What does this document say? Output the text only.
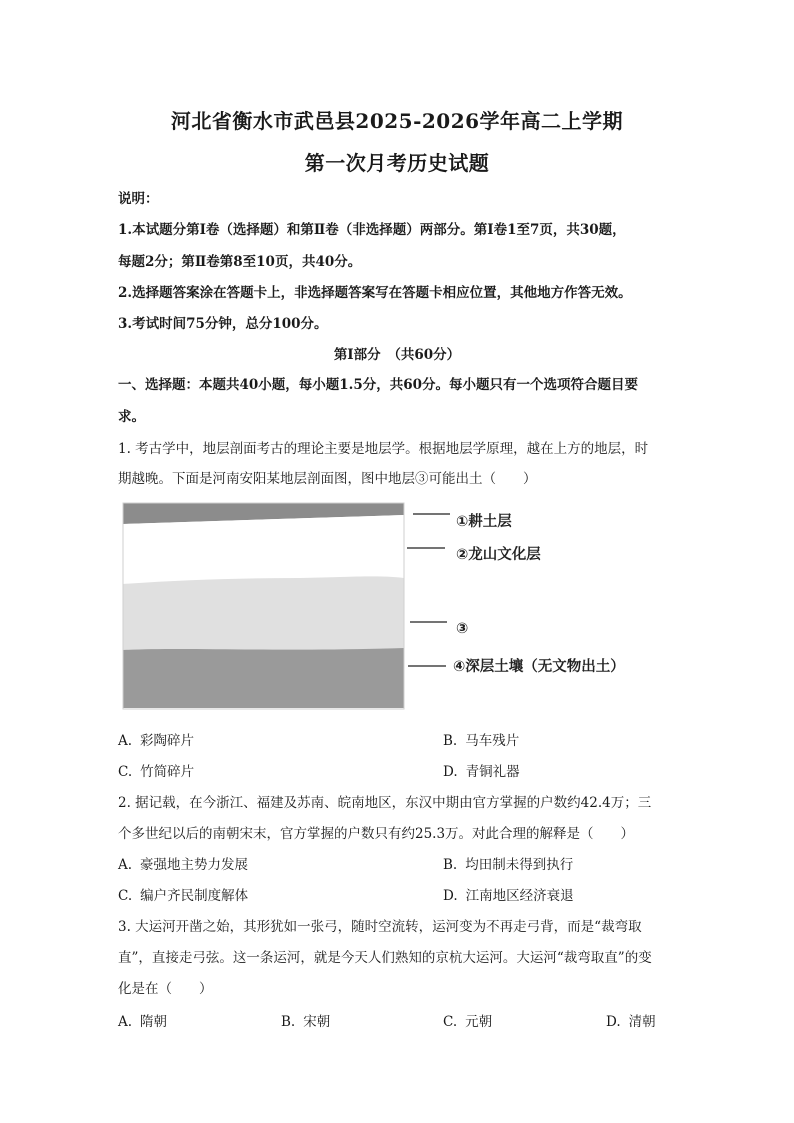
河北省衡水市武邑县2025-2026学年高二上学期
第一次月考历史试题
说明：
1.本试题分第Ⅰ卷（选择题）和第Ⅱ卷（非选择题）两部分。第Ⅰ卷1至7页，共30题，
每题2分；第Ⅱ卷第8至10页，共40分。
2.选择题答案涂在答题卡上，非选择题答案写在答题卡相应位置，其他地方作答无效。
3.考试时间75分钟，总分100分。
第Ⅰ部分　（共60分）
一、选择题：本题共40小题，每小题1.5分，共60分。每小题只有一个选项符合题目要
求。
1. 考古学中，地层剖面考古的理论主要是地层学。根据地层学原理，越在上方的地层，时
期越晚。下面是河南安阳某地层剖面图，图中地层③可能出土（　　）
①耕土层
②龙山文化层
③
④深层土壤（无文物出土）
A. 彩陶碎片	B. 马车残片
C. 竹简碎片	D. 青铜礼器
2. 据记载，在今浙江、福建及苏南、皖南地区，东汉中期由官方掌握的户数约42.4万；三
个多世纪以后的南朝宋末，官方掌握的户数只有约25.3万。对此合理的解释是（　　）
A. 豪强地主势力发展	B. 均田制未得到执行
C. 编户齐民制度解体	D. 江南地区经济衰退
3. 大运河开凿之始，其形犹如一张弓，随时空流转，运河变为不再走弓背，而是“裁弯取
直”，直接走弓弦。这一条运河，就是今天人们熟知的京杭大运河。大运河“裁弯取直”的变
化是在（　　）
A. 隋朝	B. 宋朝	C. 元朝	D. 清朝
